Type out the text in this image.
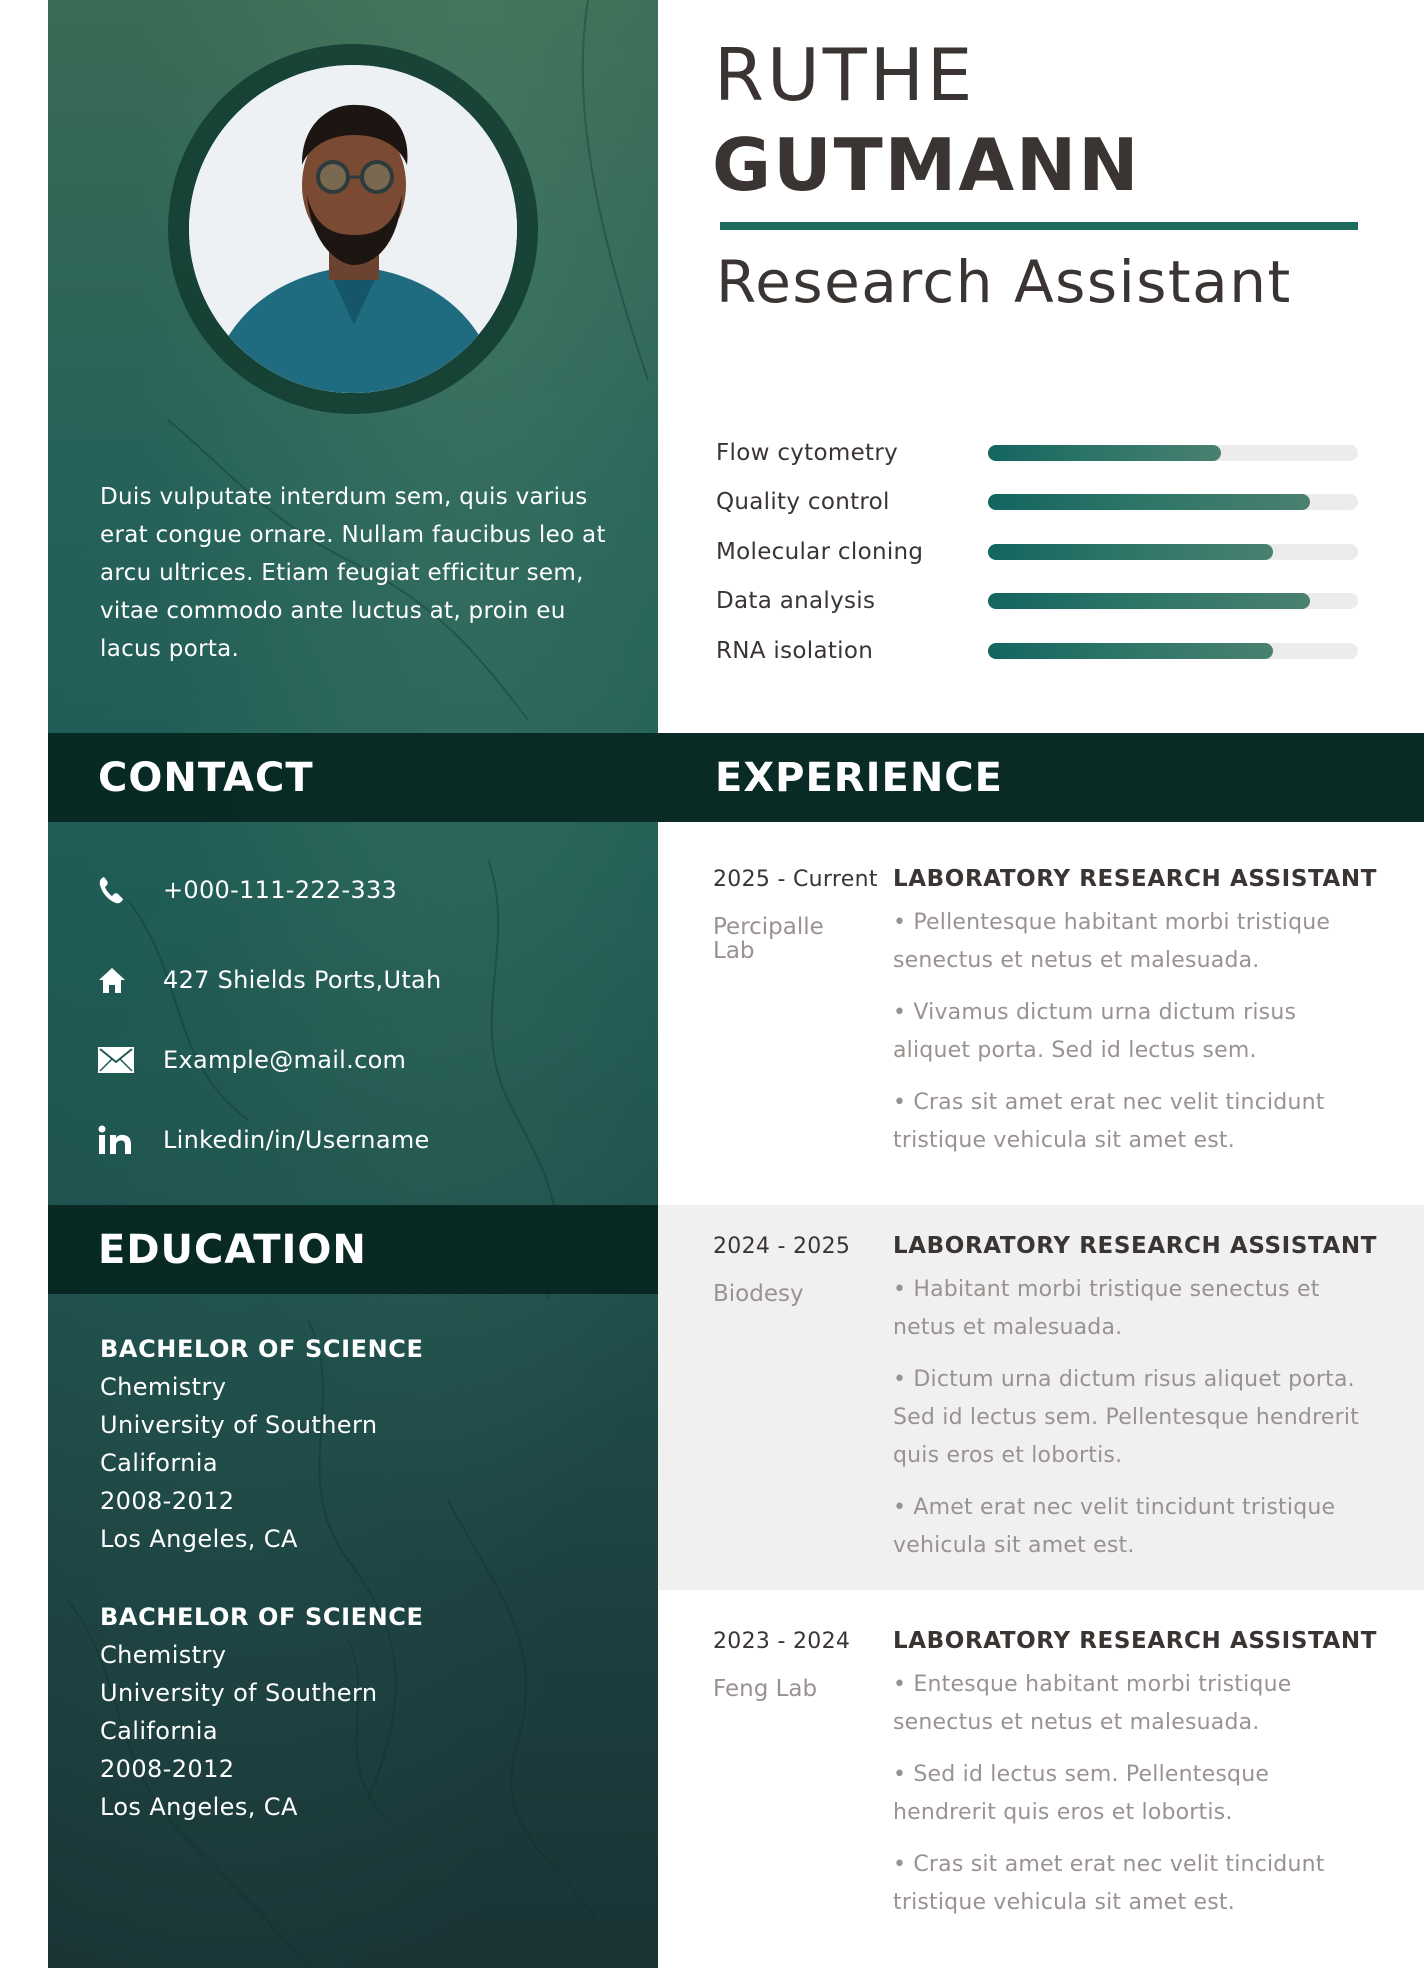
Duis vulputate interdum sem, quis varius erat congue ornare. Nullam faucibus leo at arcu ultrices. Etiam feugiat efficitur sem, vitae commodo ante luctus at, proin eu lacus porta.

CONTACT
+000-111-222-333
427 Shields Ports,Utah
Example@mail.com
Linkedin/in/Username
EDUCATION
BACHELOR OF SCIENCE
Chemistry
University of Southern
California
2008-2012
Los Angeles, CA
BACHELOR OF SCIENCE
Chemistry
University of Southern
California
2008-2012
Los Angeles, CA
RUTHE
GUTMANN
Research Assistant
Flow cytometry
Quality control
Molecular cloning
Data analysis
RNA isolation
EXPERIENCE
2025 - Current
Percipalle Lab
LABORATORY RESEARCH ASSISTANT

• Pellentesque habitant morbi tristique senectus et netus et malesuada.

• Vivamus dictum urna dictum risus aliquet porta. Sed id lectus sem.

• Cras sit amet erat nec velit tincidunt tristique vehicula sit amet est.

2024 - 2025
Biodesy
LABORATORY RESEARCH ASSISTANT

• Habitant morbi tristique senectus et netus et malesuada.

• Dictum urna dictum risus aliquet porta. Sed id lectus sem. Pellentesque hendrerit quis eros et lobortis.

• Amet erat nec velit tincidunt tristique vehicula sit amet est.

2023 - 2024
Feng Lab
LABORATORY RESEARCH ASSISTANT

• Entesque habitant morbi tristique senectus et netus et malesuada.

• Sed id lectus sem. Pellentesque hendrerit quis eros et lobortis.

• Cras sit amet erat nec velit tincidunt tristique vehicula sit amet est.
